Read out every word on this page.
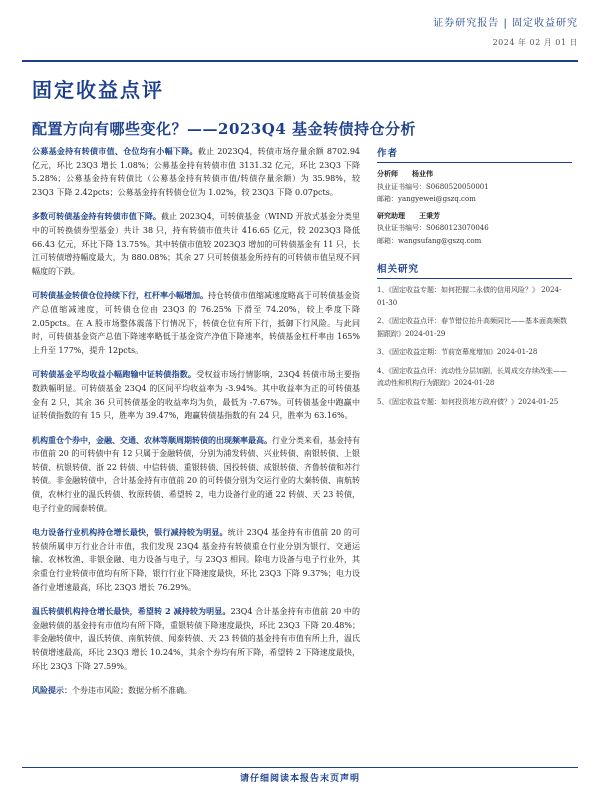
证券研究报告 | 固定收益研究
2024 年 02 月 01 日
固定收益点评
配置方向有哪些变化？——2023Q4 基金转债持仓分析

公募基金持有转债市值、仓位均有小幅下降。截止 2023Q4，转债市场存量余额 8702.94 亿元，环比 23Q3 增长 1.08%；公募基金持有转债市值 3131.32 亿元，环比 23Q3 下降 5.28%；公募基金持有转债比（公募基金持有转债市值/转债存量余额）为 35.98%，较 23Q3 下降 2.42pcts；公募基金持有转债仓位为 1.02%，较 23Q3 下降 0.07pcts。

多数可转债基金持有转债市值下降。截止 2023Q4，可转债基金（WIND 开放式基金分类里中的可转换债券型基金）共计 38 只，持有转债市值共计 416.65 亿元，较 2023Q3 降低 66.43 亿元，环比下降 13.75%。其中转债市值较 2023Q3 增加的可转债基金有 11 只，长江可转债增持幅度最大，为 880.08%；其余 27 只可转债基金所持有的可转债市值呈现不同幅度的下跌。

可转债基金转债仓位持续下行，杠杆率小幅增加。持仓转债市值缩减速度略高于可转债基金资产总值缩减速度，可转债仓位由 23Q3 的 76.25% 下滑至 74.20%，较上季度下降 2.05pcts。在 A 股市场整体震荡下行情况下，转债仓位有所下行，抵御下行风险。与此同时，可转债基金资产总值下降速率略低于基金资产净值下降速率，转债基金杠杆率由 165% 上升至 177%，提升 12pcts。

可转债基金平均收益小幅跑输中证转债指数。受权益市场行情影响，23Q4 转债市场主要指数跌幅明显。可转债基金 23Q4 的区间平均收益率为 -3.94%。其中收益率为正的可转债基金有 2 只，其余 36 只可转债基金的收益率均为负，最低为 -7.67%。可转债基金中跑赢中证转债指数的有 15 只，胜率为 39.47%，跑赢转债基指数的有 24 只，胜率为 63.16%。

机构重仓个券中，金融、交通、农林等顺周期转债的出现频率最高。行业分类来看，基金持有市值前 20 的可转债中有 12 只属于金融转债，分别为浦发转债、兴业转债、南银转债、上银转债、杭银转债、浙 22 转债、中信转债、重银转债、国投转债、成银转债、齐鲁转债和苏行转债。非金融转债中，合计基金持有市值前 20 的可转债分别为交运行业的大秦转债、南航转债，农林行业的温氏转债、牧原转债、希望转 2，电力设备行业的通 22 转债、天 23 转债，电子行业的闻泰转债。

电力设备行业机构持仓增长最快，银行减持较为明显。统计 23Q4 基金持有市值前 20 的可转债所属申万行业合计市值，我们发现 23Q4 基金持有转债重仓行业分别为银行、交通运输、农林牧渔、非银金融、电力设备与电子，与 23Q3 相同。除电力设备与电子行业外，其余重仓行业转债市值均有所下降，银行行业下降速度最快，环比 23Q3 下降 9.37%；电力设备行业增速最高，环比 23Q3 增长 76.29%。

温氏转债机构持仓增长最快，希望转 2 减持较为明显。23Q4 合计基金持有市值前 20 中的金融转债的基金持有市值均有所下降，重银转债下降速度最快，环比 23Q3 下降 20.48%；非金融转债中，温氏转债、南航转债、闻泰转债、天 23 转债的基金持有市值有所上升，温氏转债增速最高，环比 23Q3 增长 10.24%，其余个券均有所下降，希望转 2 下降速度最快，环比 23Q3 下降 27.59%。

风险提示：个券违市风险；数据分析不准确。

作者
分析师 杨业伟
执业证书编号：S0680520050001
邮箱：yangyewei@gszq.com
研究助理 王秉芳
执业证书编号：S0680123070046
邮箱：wangsufang@gszq.com
相关研究
1、《固定收益专题：如何把握二永债的信用风险？》 2024-01-30
2、《固定收益点评：春节错位抬升高频同比——基本面高频数据跟踪》2024-01-29
3、《固定收益定期：节前宽幕度增加》2024-01-28
4、《固定收益点评：流动性分层加剧，长周成交存续改张——流动性和机构行为跟踪》2024-01-28
5、《固定收益专题：如何投资地方政府债？》2024-01-25
请仔细阅读本报告末页声明
